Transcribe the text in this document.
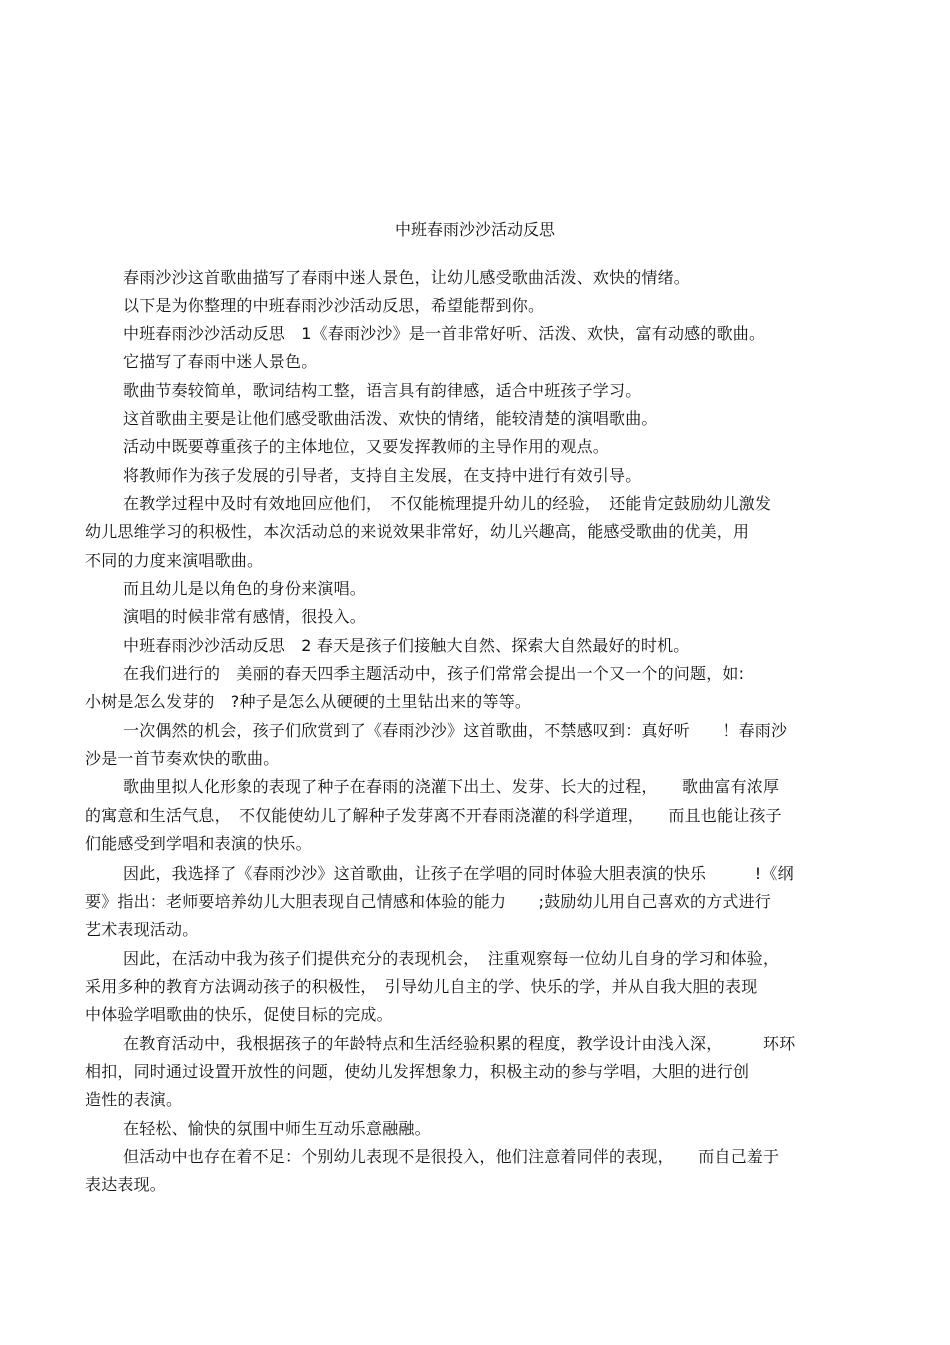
中班春雨沙沙活动反思
春雨沙沙这首歌曲描写了春雨中迷人景色，让幼儿感受歌曲活泼、欢快的情绪。
以下是为你整理的中班春雨沙沙活动反思，希望能帮到你。
中班春雨沙沙活动反思　1《春雨沙沙》是一首非常好听、活泼、欢快，富有动感的歌曲。
它描写了春雨中迷人景色。
歌曲节奏较简单，歌词结构工整，语言具有韵律感，适合中班孩子学习。
这首歌曲主要是让他们感受歌曲活泼、欢快的情绪，能较清楚的演唱歌曲。
活动中既要尊重孩子的主体地位，又要发挥教师的主导作用的观点。
将教师作为孩子发展的引导者，支持自主发展，在支持中进行有效引导。
在教学过程中及时有效地回应他们，　不仅能梳理提升幼儿的经验，　还能肯定鼓励幼儿激发
幼儿思维学习的积极性，本次活动总的来说效果非常好，幼儿兴趣高，能感受歌曲的优美，用
不同的力度来演唱歌曲。
而且幼儿是以角色的身份来演唱。
演唱的时候非常有感情，很投入。
中班春雨沙沙活动反思　2 春天是孩子们接触大自然、探索大自然最好的时机。
在我们进行的　美丽的春天四季主题活动中，孩子们常常会提出一个又一个的问题，如:
小树是怎么发芽的　?种子是怎么从硬硬的土里钻出来的等等。
一次偶然的机会，孩子们欣赏到了《春雨沙沙》这首歌曲，不禁感叹到：真好听　　！春雨沙
沙是一首节奏欢快的歌曲。
歌曲里拟人化形象的表现了种子在春雨的浇灌下出土、发芽、长大的过程，　　歌曲富有浓厚
的寓意和生活气息，　不仅能使幼儿了解种子发芽离不开春雨浇灌的科学道理，　　而且也能让孩子
们能感受到学唱和表演的快乐。
因此，我选择了《春雨沙沙》这首歌曲，让孩子在学唱的同时体验大胆表演的快乐　　　!《纲
要》指出：老师要培养幼儿大胆表现自己情感和体验的能力　　;鼓励幼儿用自己喜欢的方式进行
艺术表现活动。
因此，在活动中我为孩子们提供充分的表现机会，　注重观察每一位幼儿自身的学习和体验，
采用多种的教育方法调动孩子的积极性，　引导幼儿自主的学、快乐的学，并从自我大胆的表现
中体验学唱歌曲的快乐，促使目标的完成。
在教育活动中，我根据孩子的年龄特点和生活经验积累的程度，教学设计由浅入深，　　　环环
相扣，同时通过设置开放性的问题，使幼儿发挥想象力，积极主动的参与学唱，大胆的进行创
造性的表演。
在轻松、愉快的氛围中师生互动乐意融融。
但活动中也存在着不足：个别幼儿表现不是很投入，他们注意着同伴的表现，　　而自己羞于
表达表现。
